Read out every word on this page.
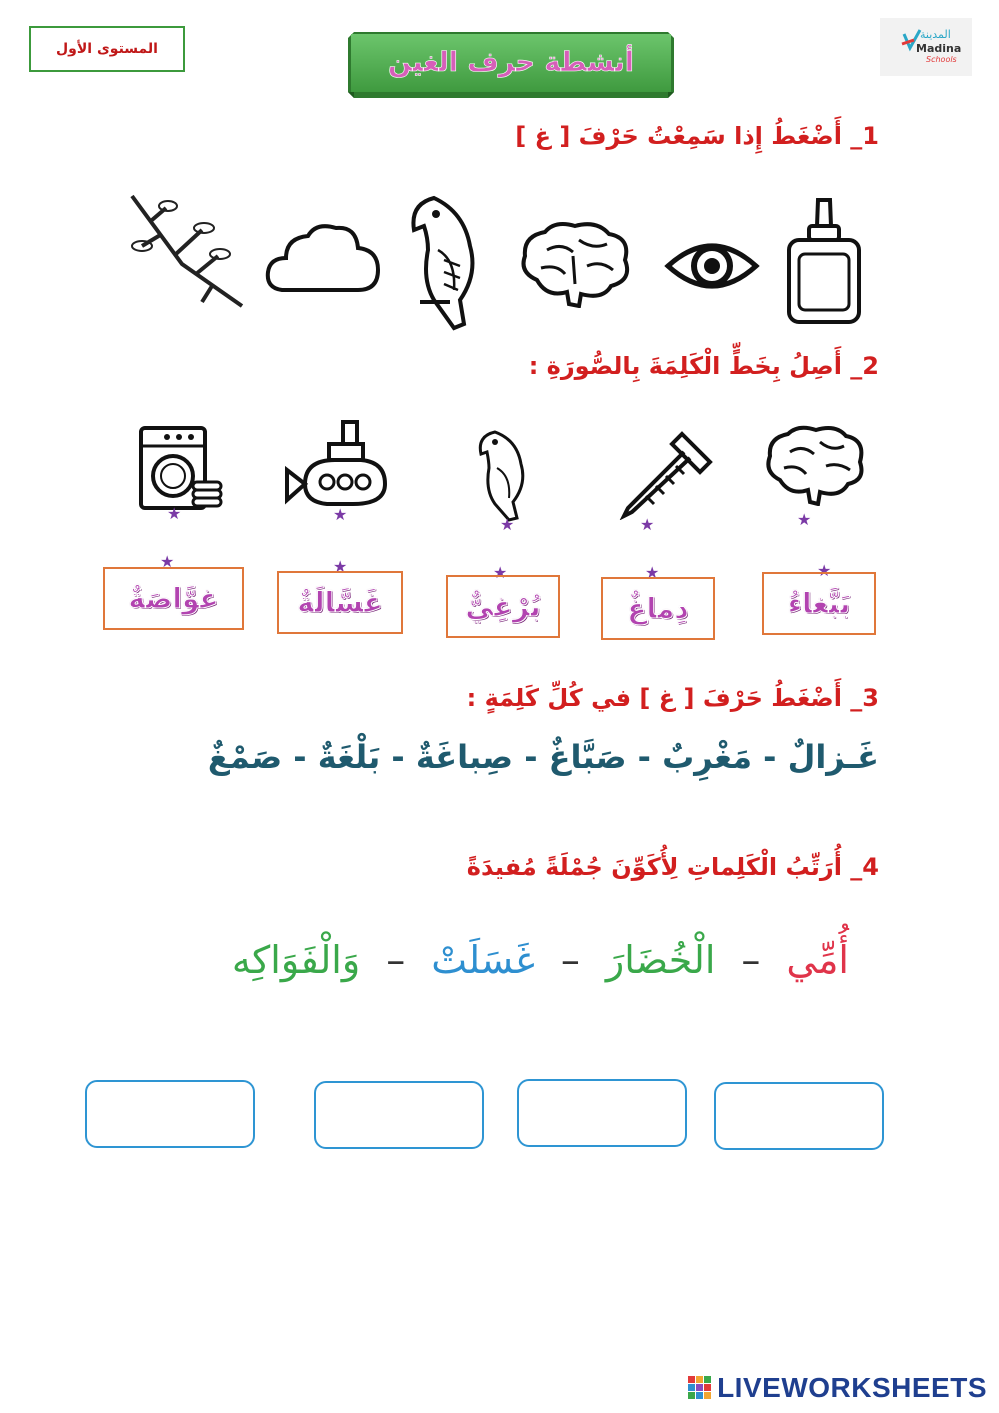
المستوى الأول	أنشطة حرف الغين
المدينة
Madina
Schools
1_ أَضْغَطُ إِذا سَمِعْتُ حَرْفَ [ غ ]
2_ أَصِلُ بِخَطٍّ الْكَلِمَةَ بِالصُّورَةِ :
★
★
★
★
★
★
★
★
★
★
بَبَّغاءُ
دِماغٌ
بُرْغِيٌّ
غَسَّالَةٌ
غوَّاصَةٌ
3_ أَضْغَطُ حَرْفَ [ غ ] في كُلِّ كَلِمَةٍ :
غَـزالٌ - مَغْرِبٌ - صَبَّاغٌ - صِباغَةٌ - بَلْغَةٌ - صَمْغٌ
4_ أُرَتِّبُ الْكَلِماتِ لِأُكَوِّنَ جُمْلَةً مُفيدَةً
أُمِّي
–
الْخُضَارَ
–
غَسَلَتْ
–
وَالْفَوَاكِه
LIVEWORKSHEETS
